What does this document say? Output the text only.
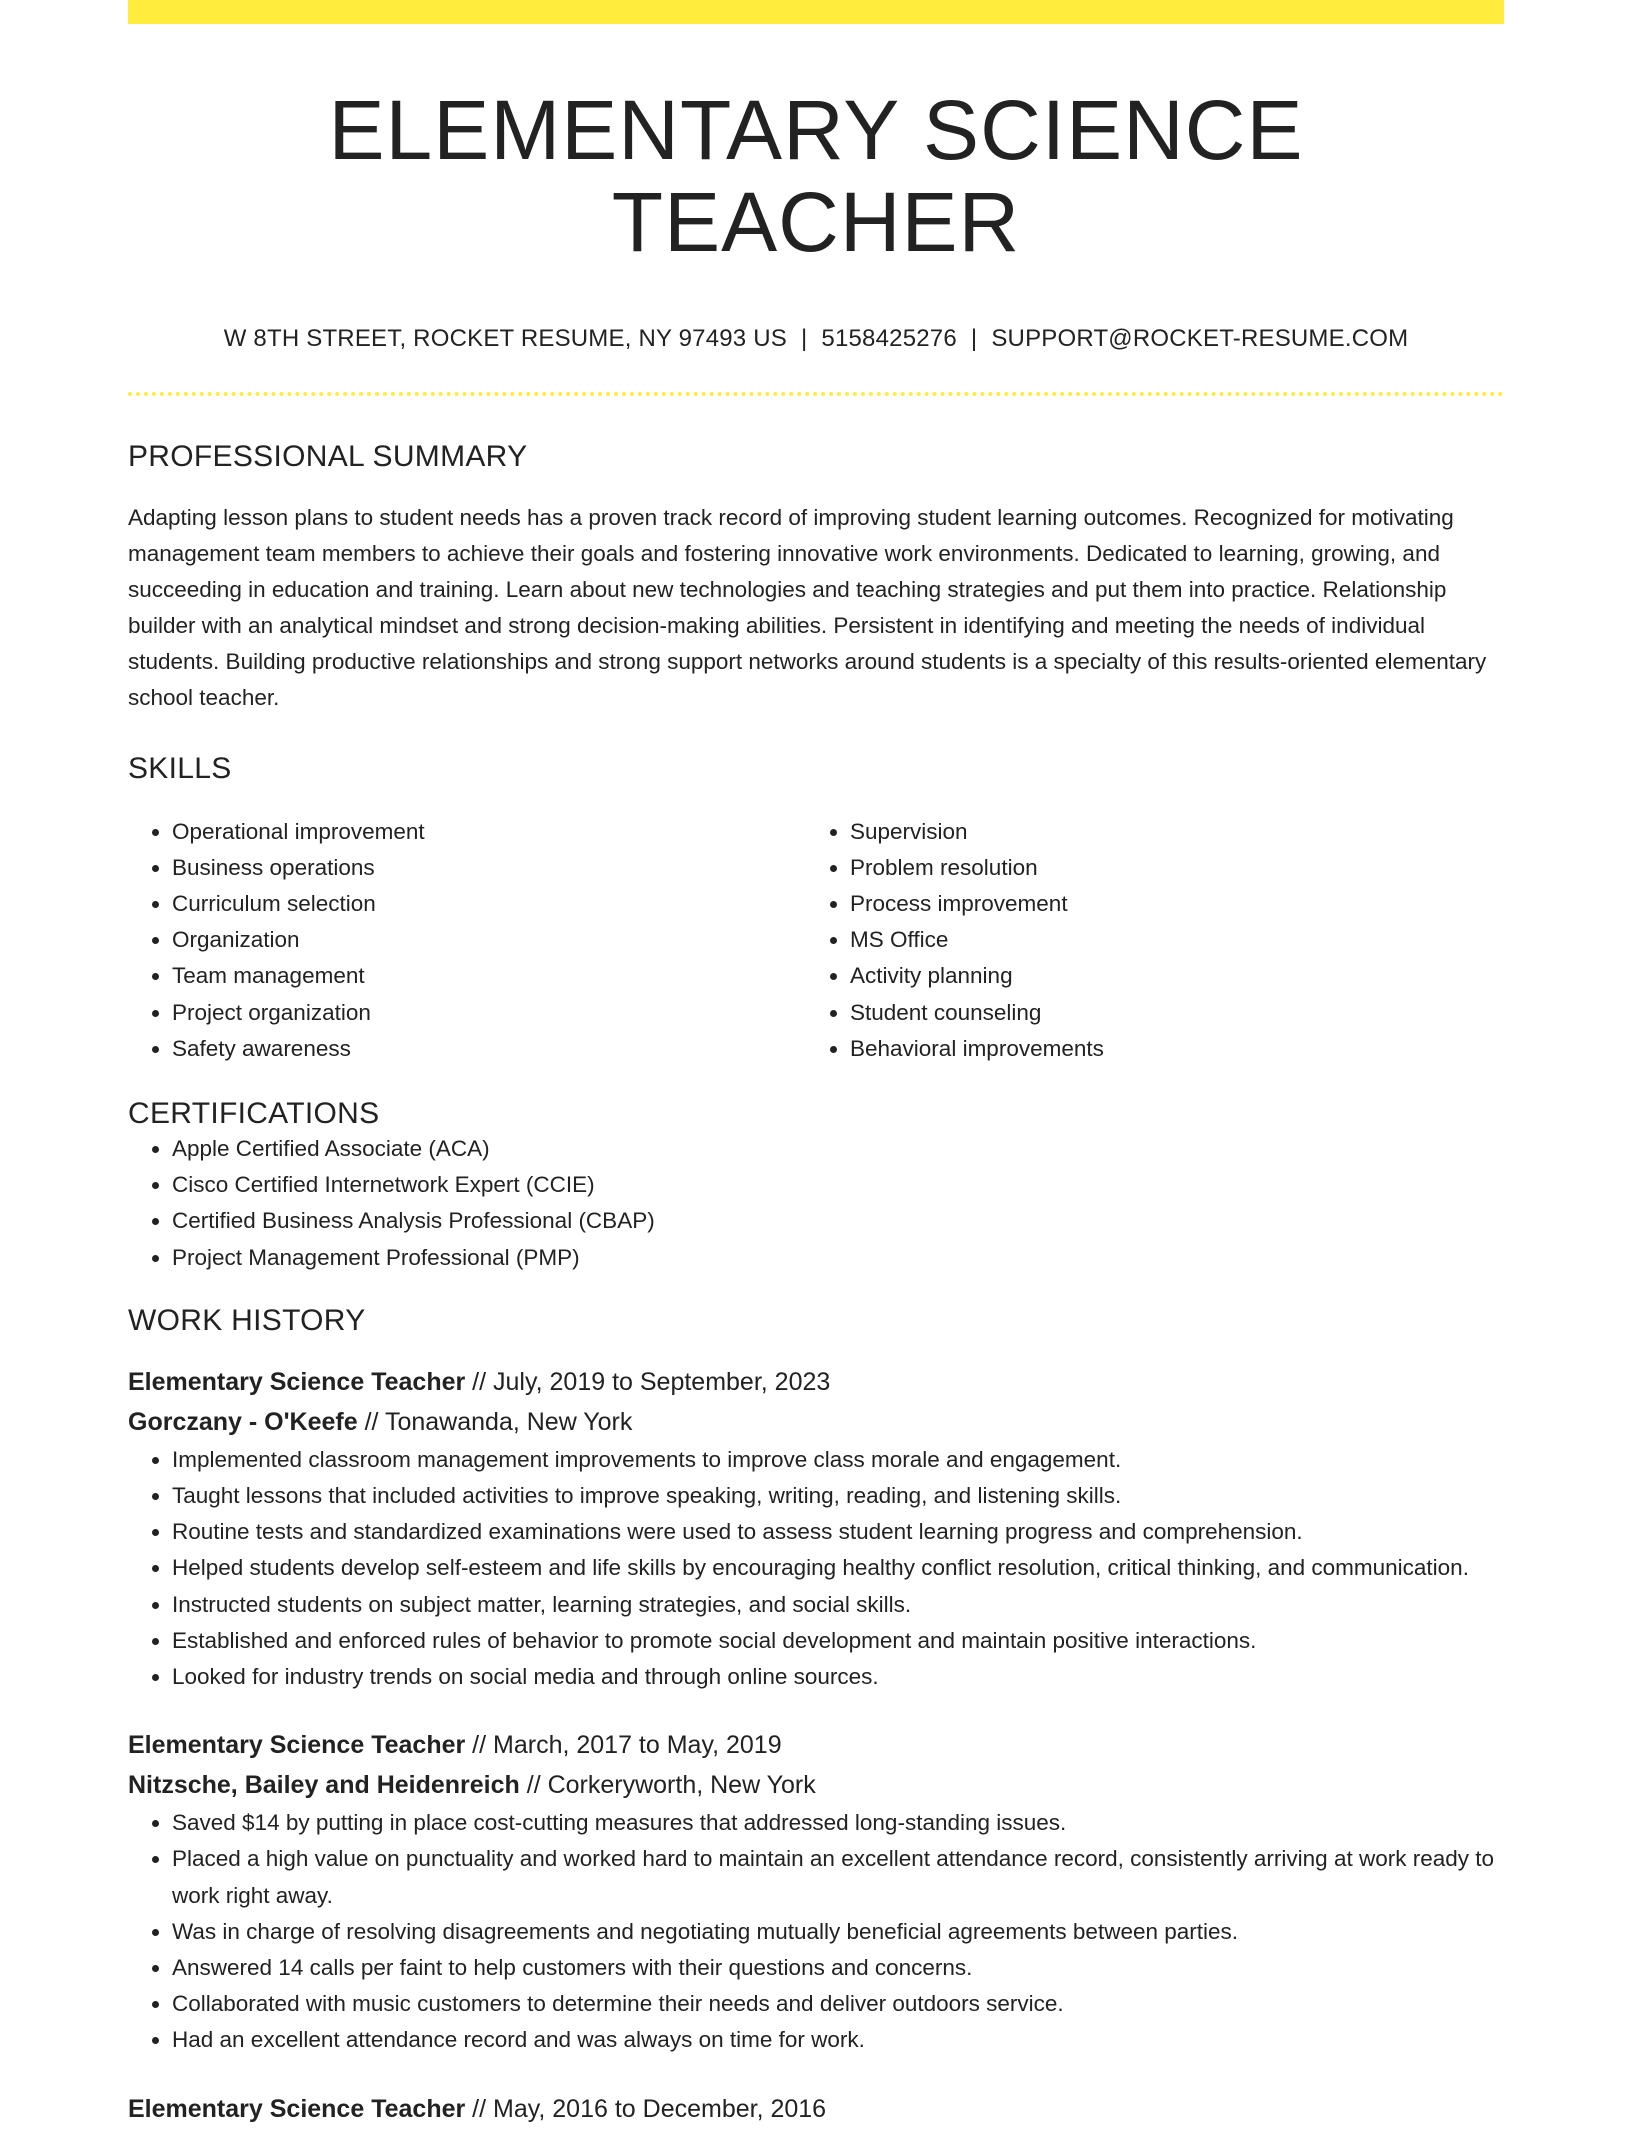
ELEMENTARY SCIENCE TEACHER
W 8TH STREET, ROCKET RESUME, NY 97493 US | 5158425276 | SUPPORT@ROCKET-RESUME.COM
PROFESSIONAL SUMMARY

Adapting lesson plans to student needs has a proven track record of improving student learning outcomes. Recognized for motivating management team members to achieve their goals and fostering innovative work environments. Dedicated to learning, growing, and succeeding in education and training. Learn about new technologies and teaching strategies and put them into practice. Relationship builder with an analytical mindset and strong decision-making abilities. Persistent in identifying and meeting the needs of individual students. Building productive relationships and strong support networks around students is a specialty of this results-oriented elementary school teacher.

SKILLS
• Operational improvement
• Business operations
• Curriculum selection
• Organization
• Team management
• Project organization
• Safety awareness
• Supervision
• Problem resolution
• Process improvement
• MS Office
• Activity planning
• Student counseling
• Behavioral improvements
CERTIFICATIONS
• Apple Certified Associate (ACA)
• Cisco Certified Internetwork Expert (CCIE)
• Certified Business Analysis Professional (CBAP)
• Project Management Professional (PMP)
WORK HISTORY
Elementary Science Teacher // July, 2019 to September, 2023
Gorczany - O'Keefe // Tonawanda, New York
• Implemented classroom management improvements to improve class morale and engagement.
• Taught lessons that included activities to improve speaking, writing, reading, and listening skills.
• Routine tests and standardized examinations were used to assess student learning progress and comprehension.
• Helped students develop self-esteem and life skills by encouraging healthy conflict resolution, critical thinking, and communication.
• Instructed students on subject matter, learning strategies, and social skills.
• Established and enforced rules of behavior to promote social development and maintain positive interactions.
• Looked for industry trends on social media and through online sources.
Elementary Science Teacher // March, 2017 to May, 2019
Nitzsche, Bailey and Heidenreich // Corkeryworth, New York
• Saved $14 by putting in place cost-cutting measures that addressed long-standing issues.
• Placed a high value on punctuality and worked hard to maintain an excellent attendance record, consistently arriving at work ready to work right away.
• Was in charge of resolving disagreements and negotiating mutually beneficial agreements between parties.
• Answered 14 calls per faint to help customers with their questions and concerns.
• Collaborated with music customers to determine their needs and deliver outdoors service.
• Had an excellent attendance record and was always on time for work.
Elementary Science Teacher // May, 2016 to December, 2016
